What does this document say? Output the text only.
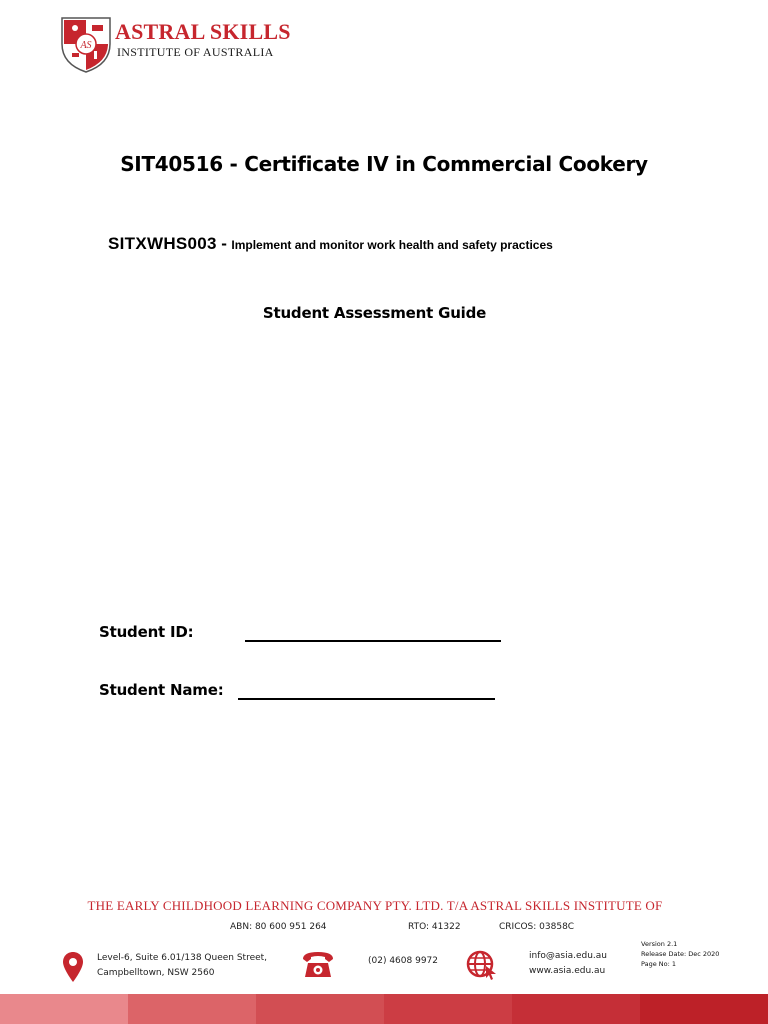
AS
ASTRAL SKILLS
INSTITUTE OF AUSTRALIA
SIT40516 - Certificate IV in Commercial Cookery
SITXWHS003 - Implement and monitor work health and safety practices
Student Assessment Guide
Student ID:
Student Name:
THE EARLY CHILDHOOD LEARNING COMPANY PTY. LTD. T/A ASTRAL SKILLS INSTITUTE OF
ABN: 80 600 951 264	RTO: 41322	CRICOS: 03858C
Level-6, Suite 6.01/138 Queen Street,
Campbelltown, NSW 2560
(02) 4608 9972	info@asia.edu.au
www.asia.edu.au
Version 2.1
Release Date: Dec 2020
Page No: 1
